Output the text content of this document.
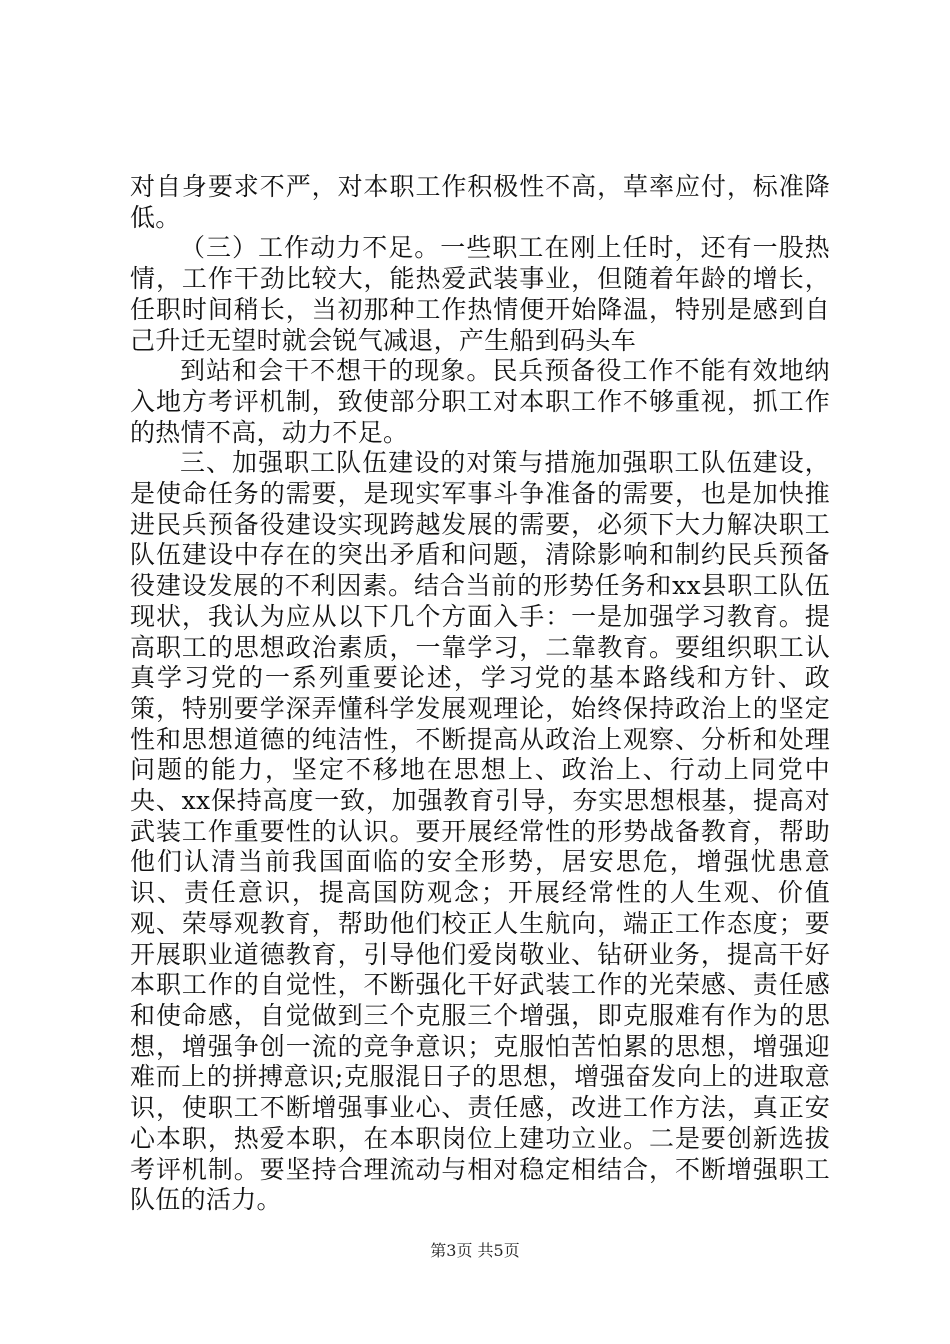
对自身要求不严，对本职工作积极性不高，草率应付，标准降低。

（三）工作动力不足。一些职工在刚上任时，还有一股热情，工作干劲比较大，能热爱武装事业，但随着年龄的增长，任职时间稍长，当初那种工作热情便开始降温，特别是感到自己升迁无望时就会锐气减退，产生船到码头车

到站和会干不想干的现象。民兵预备役工作不能有效地纳入地方考评机制，致使部分职工对本职工作不够重视，抓工作的热情不高，动力不足。

三、加强职工队伍建设的对策与措施加强职工队伍建设，是使命任务的需要，是现实军事斗争准备的需要，也是加快推进民兵预备役建设实现跨越发展的需要，必须下大力解决职工队伍建设中存在的突出矛盾和问题，清除影响和制约民兵预备役建设发展的不利因素。结合当前的形势任务和xx县职工队伍现状，我认为应从以下几个方面入手：一是加强学习教育。提高职工的思想政治素质，一靠学习，二靠教育。要组织职工认真学习党的一系列重要论述，学习党的基本路线和方针、政策，特别要学深弄懂科学发展观理论，始终保持政治上的坚定性和思想道德的纯洁性，不断提高从政治上观察、分析和处理问题的能力，坚定不移地在思想上、政治上、行动上同党中央、xx保持高度一致，加强教育引导，夯实思想根基，提高对武装工作重要性的认识。要开展经常性的形势战备教育，帮助他们认清当前我国面临的安全形势，居安思危，增强忧患意识、责任意识，提高国防观念；开展经常性的人生观、价值观、荣辱观教育，帮助他们校正人生航向，端正工作态度；要开展职业道德教育，引导他们爱岗敬业、钻研业务，提高干好本职工作的自觉性，不断强化干好武装工作的光荣感、责任感和使命感，自觉做到三个克服三个增强，即克服难有作为的思想，增强争创一流的竞争意识；克服怕苦怕累的思想，增强迎难而上的拼搏意识;克服混日子的思想，增强奋发向上的进取意识，使职工不断增强事业心、责任感，改进工作方法，真正安心本职，热爱本职，在本职岗位上建功立业。二是要创新选拔考评机制。要坚持合理流动与相对稳定相结合，不断增强职工队伍的活力。

第3页 共5页
